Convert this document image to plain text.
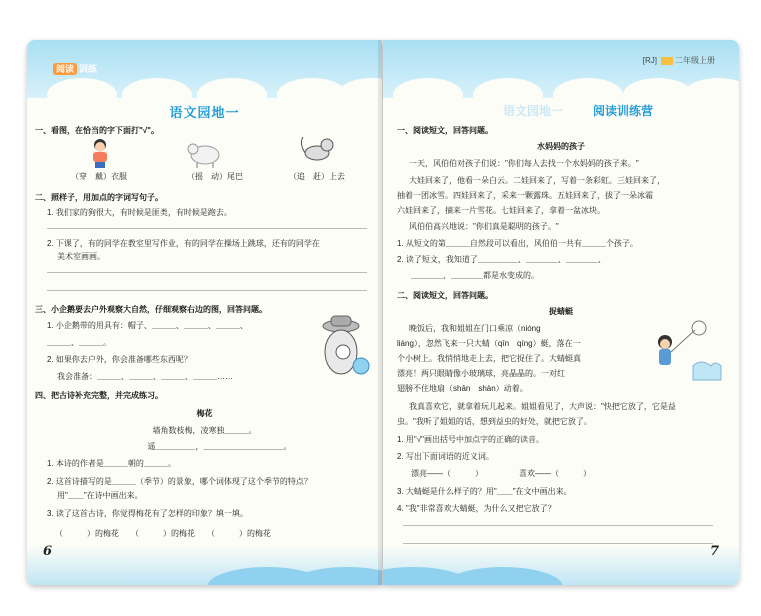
阅读 训练
语文园地一
一、看图，在恰当的字下面打"√"。
（穿　戴）衣服	（摇　动）尾巴	（追　赶）上去
二、照样子，用加点的字词写句子。
1. 我们家的狗很大，有时候是匪类，有时候是跑去。
2. 下课了，有的同学在教室里写作业，有的同学在操场上跳球，还有的同学在
美术室画画。
三、小企鹅要去户外观察大自然，仔细观察右边的图，回答问题。
1. 小企鹅带的用具有：帽子、＿＿＿、＿＿＿、＿＿＿、
＿＿＿、＿＿＿。
2. 如果你去户外，你会准备哪些东西呢？
我会准备：＿＿＿、＿＿＿、＿＿＿、＿＿＿……
四、把古诗补充完整，并完成练习。
梅花
墙角数枝梅，凌寒独＿＿＿。
遥＿＿＿＿＿，＿＿＿＿＿＿＿＿＿＿。
1. 本诗的作者是＿＿＿朝的＿＿＿。
2. 这首诗描写的是＿＿＿（季节）的景象，哪个词体现了这个季节的特点？
用"＿＿"在诗中画出来。
3. 读了这首古诗，你觉得梅花有了怎样的印象？填一填。
（　　　）的梅花　　（　　　）的梅花　　（　　　）的梅花
6
[RJ] 二年级上册
语文园地一	阅读训练营
一、阅读短文，回答问题。
水妈妈的孩子
一天，风伯伯对孩子们说："你们每人去找一个水妈妈的孩子来。"
大娃回来了，他看一朵白云。二娃回来了，写着一条彩虹。三娃回来了，
抽着一团冰雪。四娃回来了，采来一颗露珠。五娃回来了，拔了一朵冰霜
六娃回来了，摘来一片雪花。七娃回来了，拿着一盆冰块。
风伯伯高兴地说："你们真是聪明的孩子。"
1. 从短文的第＿＿＿自然段可以看出，风伯伯一共有＿＿＿个孩子。
2. 读了短文，我知道了＿＿＿＿＿、＿＿＿＿、＿＿＿＿、
＿＿＿＿、＿＿＿＿都是水变成的。
二、阅读短文，回答问题。
捉蜻蜓
晚饭后，我和姐姐在门口乘凉（nióng
liáng），忽然飞来一只大蜻（qīn　qíng）蜓，落在一
个小树上。我悄悄地走上去，把它捉住了。大蜻蜓真
漂亮！两只眼睛像小玻璃球，亮晶晶的。一对红
翅膀不住地扇（shān　shàn）动着。
我真喜欢它，就拿着玩儿起来。姐姐看见了，大声说："快把它放了，它是益
虫。"我听了姐姐的话，想到益虫的好处，就把它放了。
1. 用"√"画出括号中加点字的正确的读音。
2. 写出下面词语的近义词。
漂亮——（　　　）　　　　　喜欢——（　　　）
3. 大蜻蜓是什么样子的？用"＿＿"在文中画出来。
4. "我"非常喜欢大蜻蜓，为什么又把它放了？
7
